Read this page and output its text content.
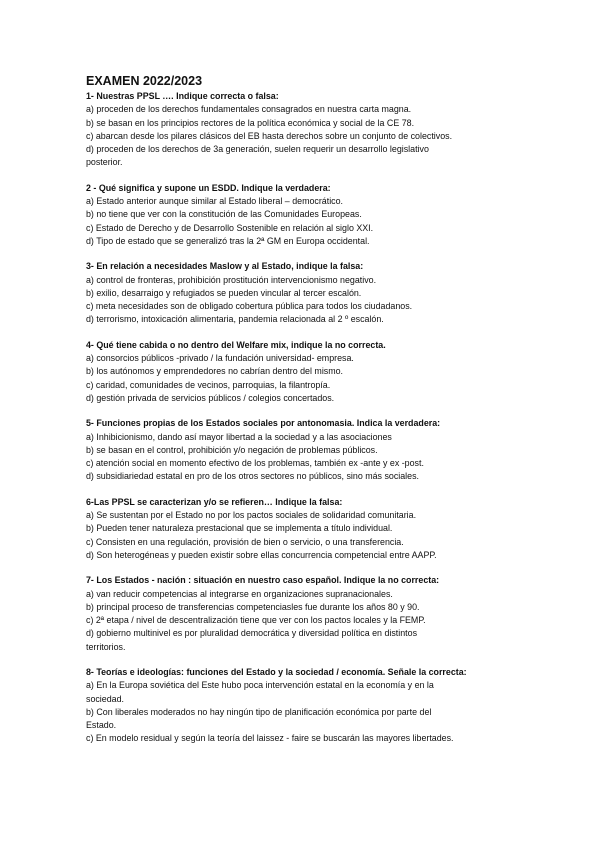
EXAMEN 2022/2023
1- Nuestras PPSL …. Indique correcta o falsa:
a) proceden de los derechos fundamentales consagrados en nuestra carta magna.
b) se basan en los principios rectores de la política económica y social de la CE 78.
c) abarcan desde los pilares clásicos del EB hasta derechos sobre un conjunto de colectivos.
d) proceden de los derechos de 3a generación, suelen requerir un desarrollo legislativo
posterior.
2 - Qué significa y supone un ESDD. Indique la verdadera:
a) Estado anterior aunque similar al Estado liberal – democrático.
b) no tiene que ver con la constitución de las Comunidades Europeas.
c) Estado de Derecho y de Desarrollo Sostenible en relación al siglo XXI.
d) Tipo de estado que se generalizó tras la 2ª GM en Europa occidental.
3- En relación a necesidades Maslow y al Estado, indique la falsa:
a) control de fronteras, prohibición prostitución intervencionismo negativo.
b) exilio, desarraigo y refugiados se pueden vincular al tercer escalón.
c) meta necesidades son de obligado cobertura pública para todos los ciudadanos.
d) terrorismo, intoxicación alimentaria, pandemia relacionada al 2 º escalón.
4- Qué tiene cabida o no dentro del Welfare mix, indique la no correcta.
a) consorcios públicos -privado / la fundación universidad- empresa.
b) los autónomos y emprendedores no cabrían dentro del mismo.
c) caridad, comunidades de vecinos, parroquias, la filantropía.
d) gestión privada de servicios públicos / colegios concertados.
5- Funciones propias de los Estados sociales por antonomasia. Indica la verdadera:
a) Inhibicionismo, dando así mayor libertad a la sociedad y a las asociaciones
b) se basan en el control, prohibición y/o negación de problemas públicos.
c) atención social en momento efectivo de los problemas, también ex -ante y ex -post.
d) subsidiariedad estatal en pro de los otros sectores no públicos, sino más sociales.
6-Las PPSL se caracterizan y/o se refieren… Indique la falsa:
a) Se sustentan por el Estado no por los pactos sociales de solidaridad comunitaria.
b) Pueden tener naturaleza prestacional que se implementa a título individual.
c) Consisten en una regulación, provisión de bien o servicio, o una transferencia.
d) Son heterogéneas y pueden existir sobre ellas concurrencia competencial entre AAPP.
7- Los Estados - nación : situación en nuestro caso español. Indique la no correcta:
a) van reducir competencias al integrarse en organizaciones supranacionales.
b) principal proceso de transferencias competenciasles fue durante los años 80 y 90.
c) 2ª etapa / nivel de descentralización tiene que ver con los pactos locales y la FEMP.
d) gobierno multinivel es por pluralidad democrática y diversidad política en distintos
territorios.
8- Teorías e ideologías: funciones del Estado y la sociedad / economía. Señale la correcta:
a) En la Europa soviética del Este hubo poca intervención estatal en la economía y en la
sociedad.
b) Con liberales moderados no hay ningún tipo de planificación económica por parte del
Estado.
c) En modelo residual y según la teoría del laissez - faire se buscarán las mayores libertades.
